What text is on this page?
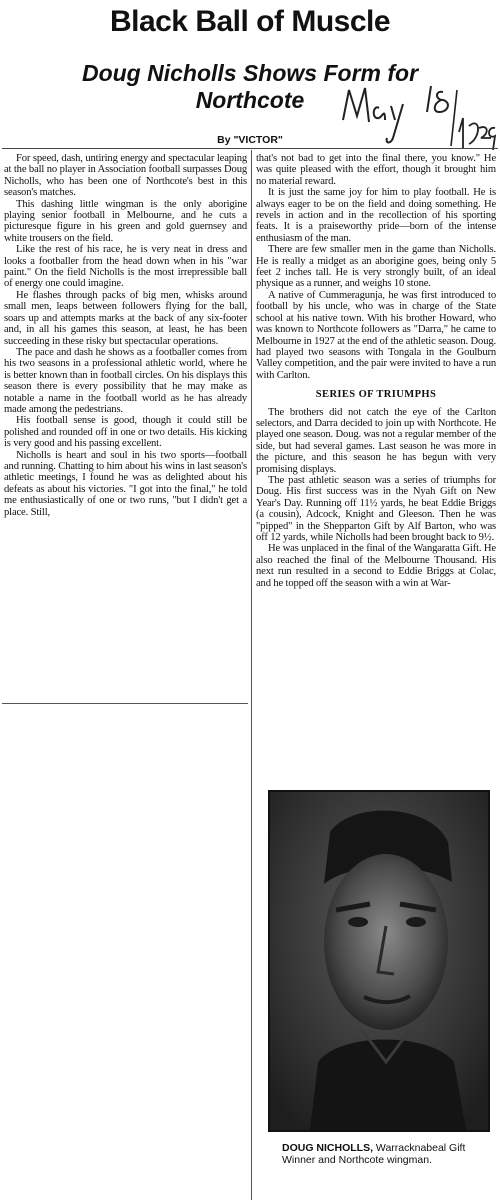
Black Ball of Muscle
Doug Nicholls Shows Form for
Northcote
By "VICTOR"

For speed, dash, untiring energy and spectacular leaping at the ball no player in Association football surpasses Doug Nicholls, who has been one of Northcote's best in this season's matches.

This dashing little wingman is the only aborigine playing senior football in Melbourne, and he cuts a picturesque figure in his green and gold guernsey and white trousers on the field.

Like the rest of his race, he is very neat in dress and looks a footballer from the head down when in his "war paint." On the field Nicholls is the most irrepressible ball of energy one could imagine.

He flashes through packs of big men, whisks around small men, leaps between followers flying for the ball, soars up and attempts marks at the back of any six-footer and, in all his games this season, at least, he has been succeeding in these risky but spectacular operations.

The pace and dash he shows as a footballer comes from his two seasons in a professional athletic world, where he is better known than in football circles. On his displays this season there is every possibility that he may make as notable a name in the football world as he has already made among the pedestrians.

His football sense is good, though it could still be polished and rounded off in one or two details. His kicking is very good and his passing excellent.

Nicholls is heart and soul in his two sports—football and running. Chatting to him about his wins in last season's athletic meetings, I found he was as delighted about his defeats as about his victories. "I got into the final," he told me enthusiastically of one or two runs, "but I didn't get a place. Still,

that's not bad to get into the final there, you know." He was quite pleased with the effort, though it brought him no material reward.

It is just the same joy for him to play football. He is always eager to be on the field and doing something. He revels in action and in the recollection of his sporting feats. It is a praiseworthy pride—born of the intense enthusiasm of the man.

There are few smaller men in the game than Nicholls. He is really a midget as an aborigine goes, being only 5 feet 2 inches tall. He is very strongly built, of an ideal physique as a runner, and weighs 10 stone.

A native of Cummeragunja, he was first introduced to football by his uncle, who was in charge of the State school at his native town. With his brother Howard, who was known to Northcote followers as "Darra," he came to Melbourne in 1927 at the end of the athletic season. Doug. had played two seasons with Tongala in the Goulburn Valley competition, and the pair were invited to have a run with Carlton.

SERIES OF TRIUMPHS

The brothers did not catch the eye of the Carlton selectors, and Darra decided to join up with Northcote. He played one season. Doug. was not a regular member of the side, but had several games. Last season he was more in the picture, and this season he has begun with very promising displays.

The past athletic season was a series of triumphs for Doug. His first success was in the Nyah Gift on New Year's Day. Running off 11½ yards, he beat Eddie Briggs (a cousin), Adcock, Knight and Gleeson. Then he was "pipped" in the Shepparton Gift by Alf Barton, who was off 12 yards, while Nicholls had been brought back to 9½.

He was unplaced in the final of the Wangaratta Gift. He also reached the final of the Melbourne Thousand. His next run resulted in a second to Eddie Briggs at Colac, and he topped off the season with a win at War-

DOUG NICHOLLS, Warracknabeal Gift Winner and Northcote wingman.
